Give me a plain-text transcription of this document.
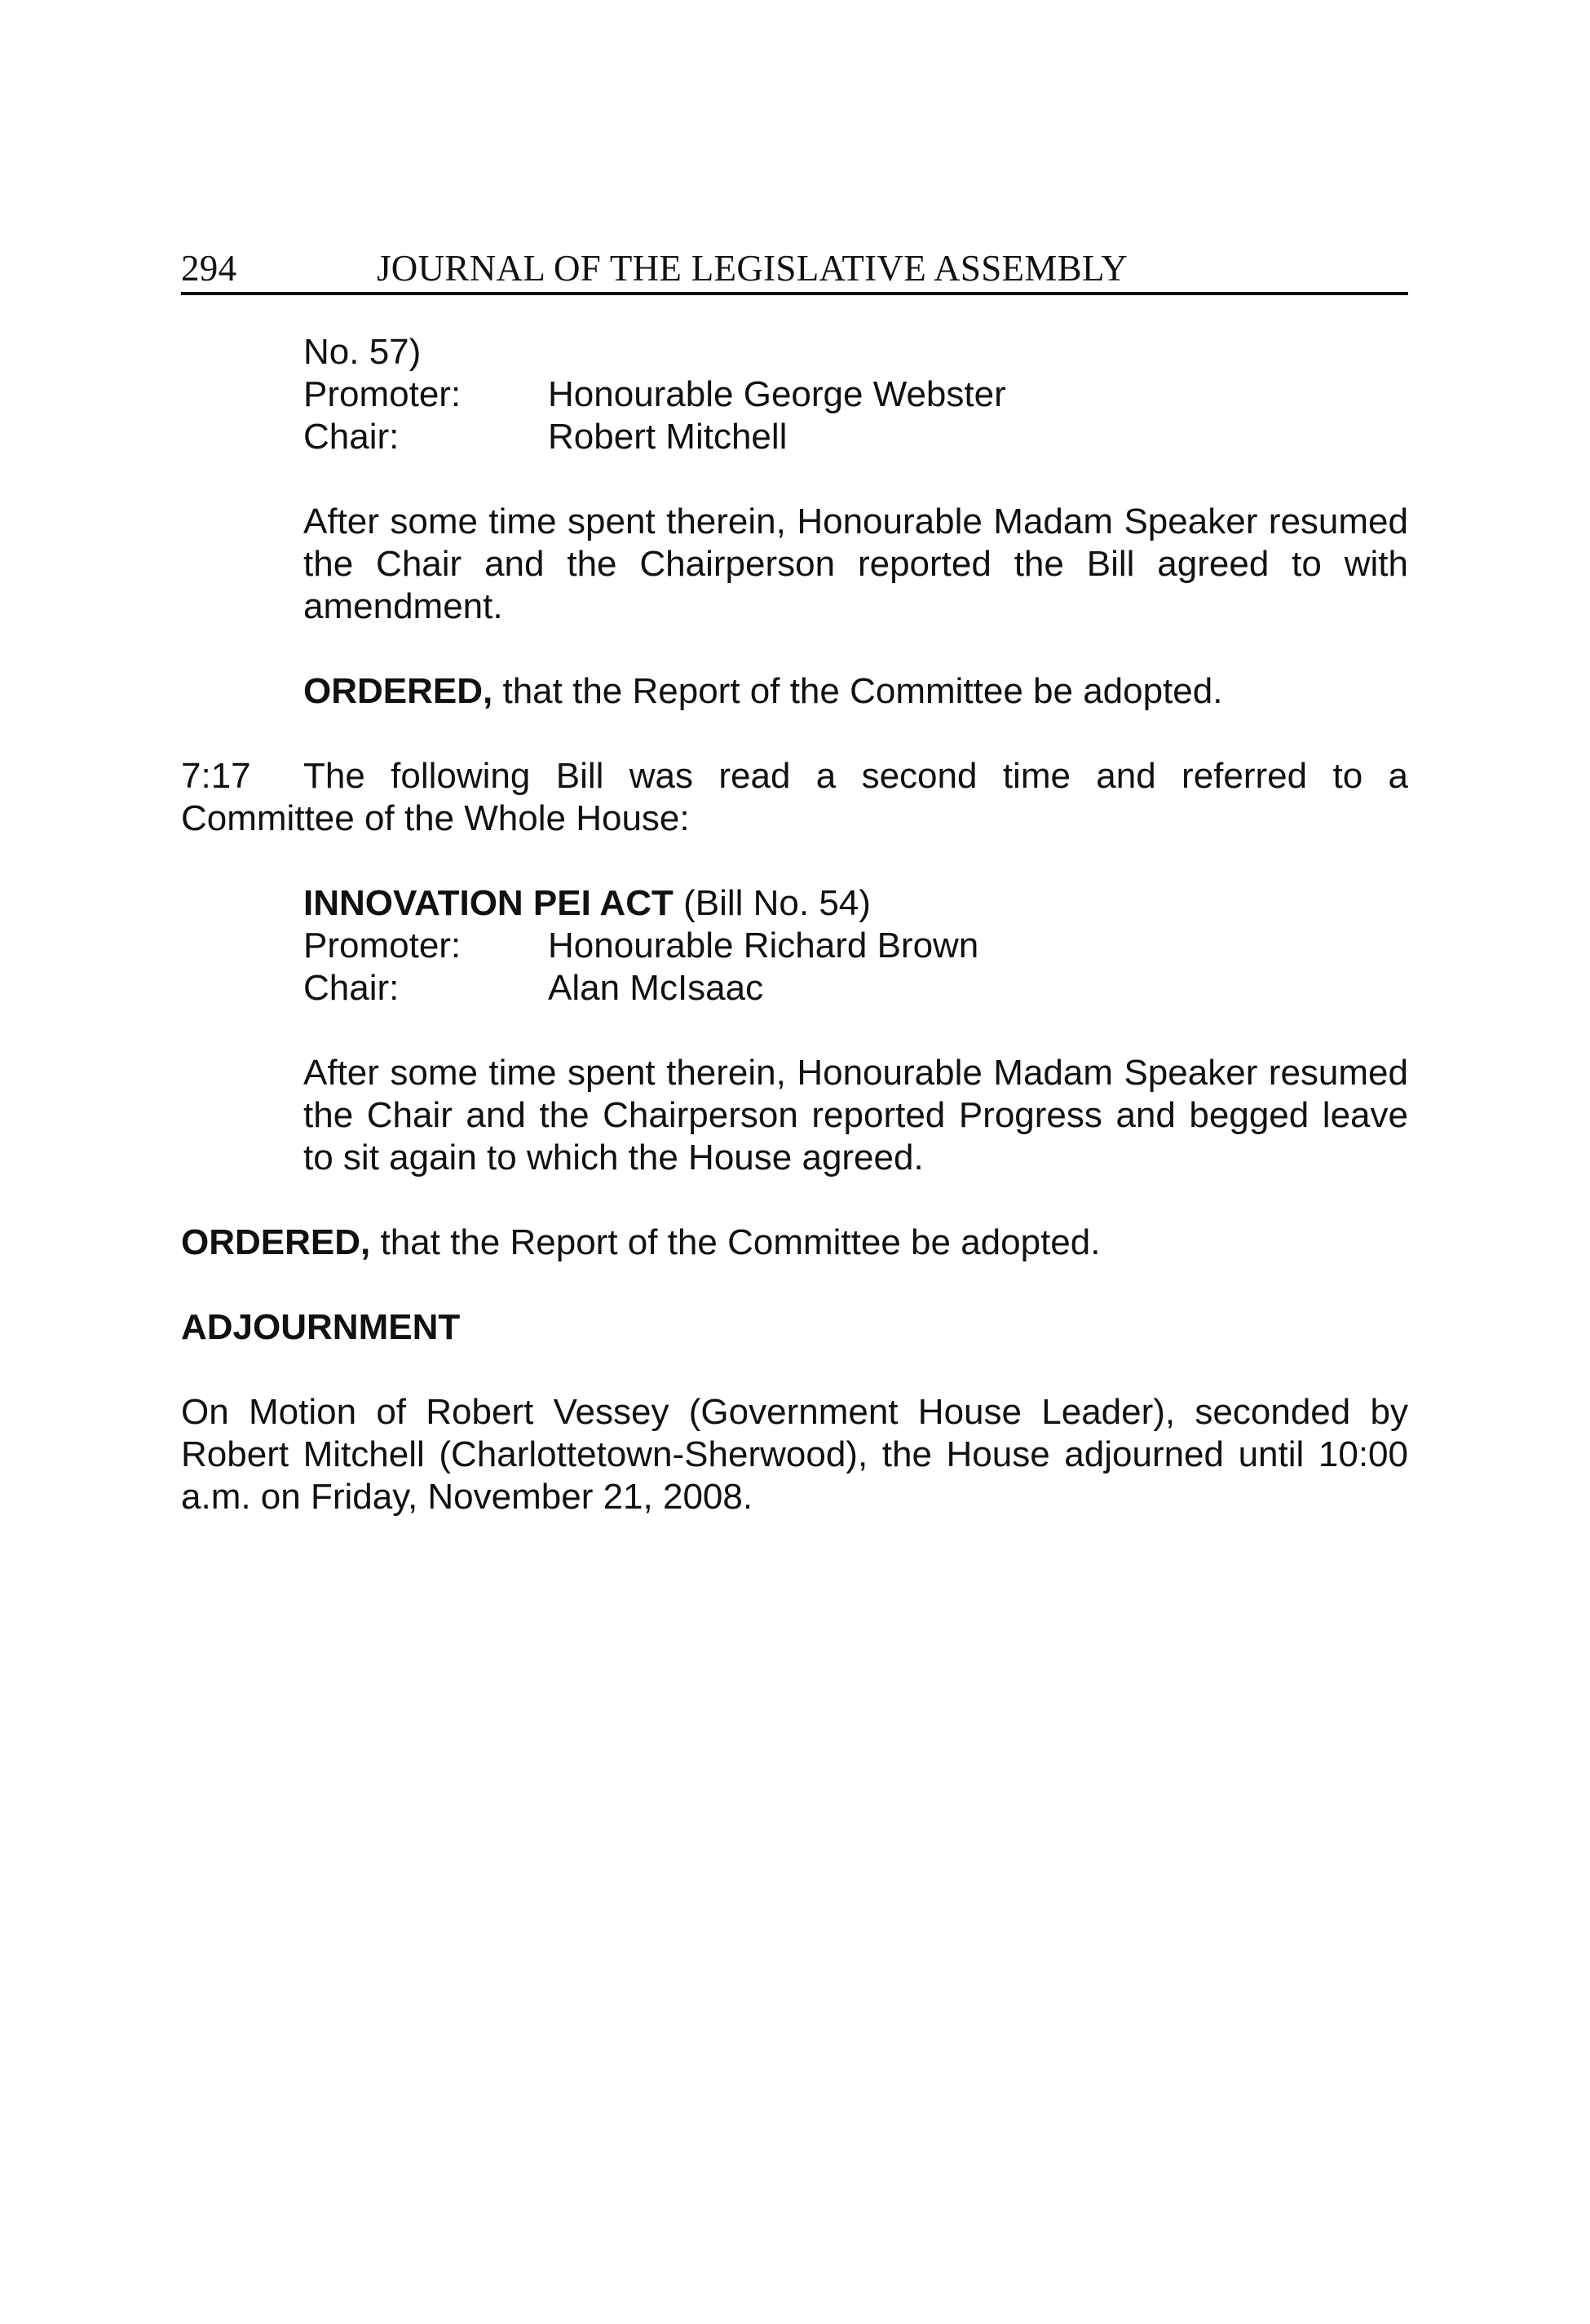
294	JOURNAL OF THE LEGISLATIVE ASSEMBLY

No. 57)

Promoter:	Honourable George Webster
Chair:	Robert Mitchell

After some time spent therein, Honourable Madam Speaker resumed the Chair and the Chairperson reported the Bill agreed to with amendment.

ORDERED, that the Report of the Committee be adopted.

7:17 The following Bill was read a second time and referred to a Committee of the Whole House:

INNOVATION PEI ACT (Bill No. 54)

Promoter:	Honourable Richard Brown
Chair:	Alan McIsaac

After some time spent therein, Honourable Madam Speaker resumed the Chair and the Chairperson reported Progress and begged leave to sit again to which the House agreed.

ORDERED, that the Report of the Committee be adopted.

ADJOURNMENT

On Motion of Robert Vessey (Government House Leader), seconded by Robert Mitchell (Charlottetown-Sherwood), the House adjourned until 10:00 a.m. on Friday, November 21, 2008.
